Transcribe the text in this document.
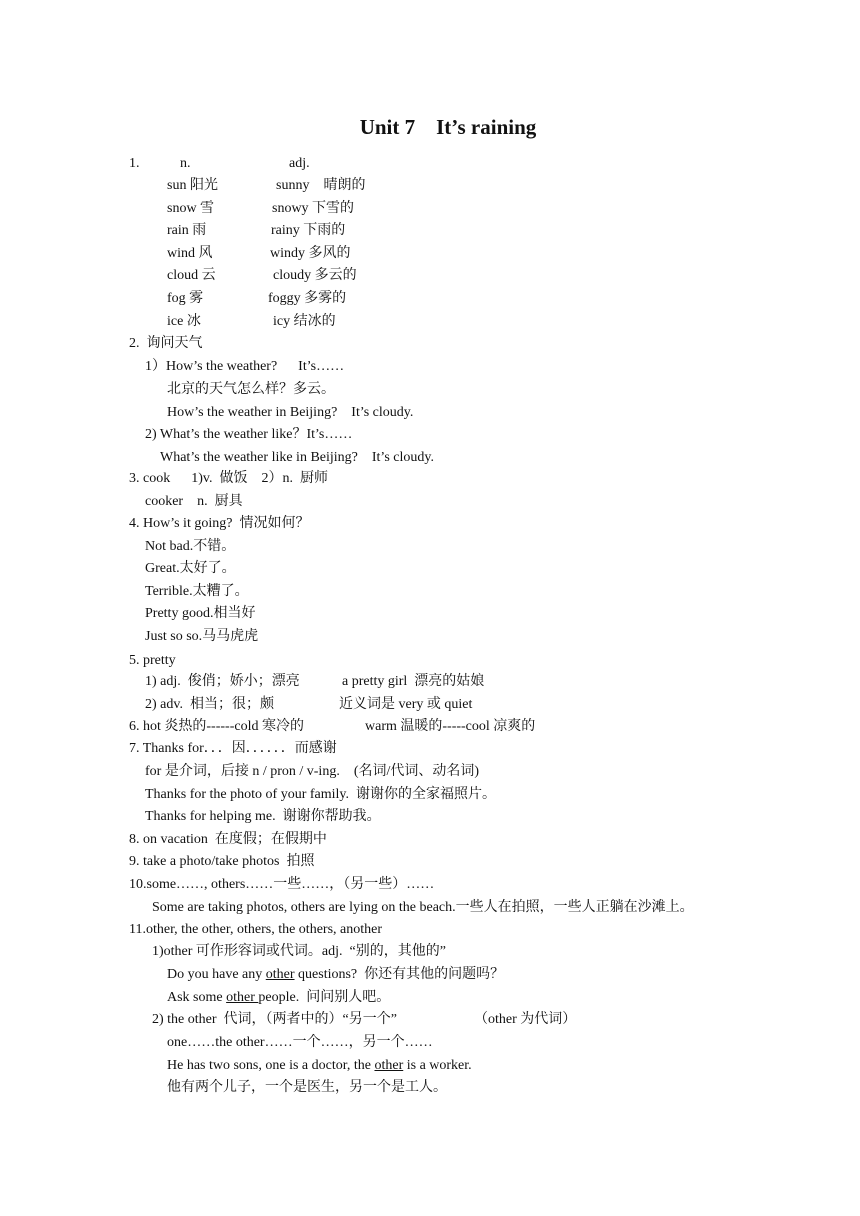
Unit 7    It’s raining
1.	n.	adj.
sun 阳光	sunny    晴朗的
snow 雪	snowy 下雪的
rain 雨	rainy 下雨的
wind 风	windy 多风的
cloud 云	cloudy 多云的
fog 雾	foggy 多雾的
ice 冰	icy 结冰的
2.  询问天气
1）How’s the weather?      It’s……
北京的天气怎么样？多云。
How’s the weather in Beijing?    It’s cloudy.
2) What’s the weather like？It’s……
What’s the weather like in Beijing?    It’s cloudy.
3. cook      1)v.  做饭    2）n.  厨师
cooker    n.  厨具
4. How’s it going?  情况如何？
Not bad.不错。
Great.太好了。
Terrible.太糟了。
Pretty good.相当好
Just so so.马马虎虎
5. pretty
1) adj.  俊俏；娇小；漂亮	a pretty girl  漂亮的姑娘
2) adv.  相当；很；颇	近义词是 very 或 quiet
6. hot 炎热的------cold 寒冷的	warm 温暖的-----cool 凉爽的
7. Thanks for．．．因．．．．．．而感谢
for 是介词，后接 n / pron / v-ing.    (名词/代词、动名词)
Thanks for the photo of your family.  谢谢你的全家福照片。
Thanks for helping me.  谢谢你帮助我。
8. on vacation  在度假；在假期中
9. take a photo/take photos  拍照
10.some……, others……一些……，（另一些）……
Some are taking photos, others are lying on the beach.一些人在拍照，一些人正躺在沙滩上。
11.other, the other, others, the others, another
1)other 可作形容词或代词。adj.  “别的，其他的”
Do you have any other questions?  你还有其他的问题吗？
Ask some other people.  问问别人吧。
2) the other  代词，（两者中的）“另一个”	（other 为代词）
one……the other……一个……，另一个……
He has two sons, one is a doctor, the other is a worker.
他有两个儿子，一个是医生，另一个是工人。
